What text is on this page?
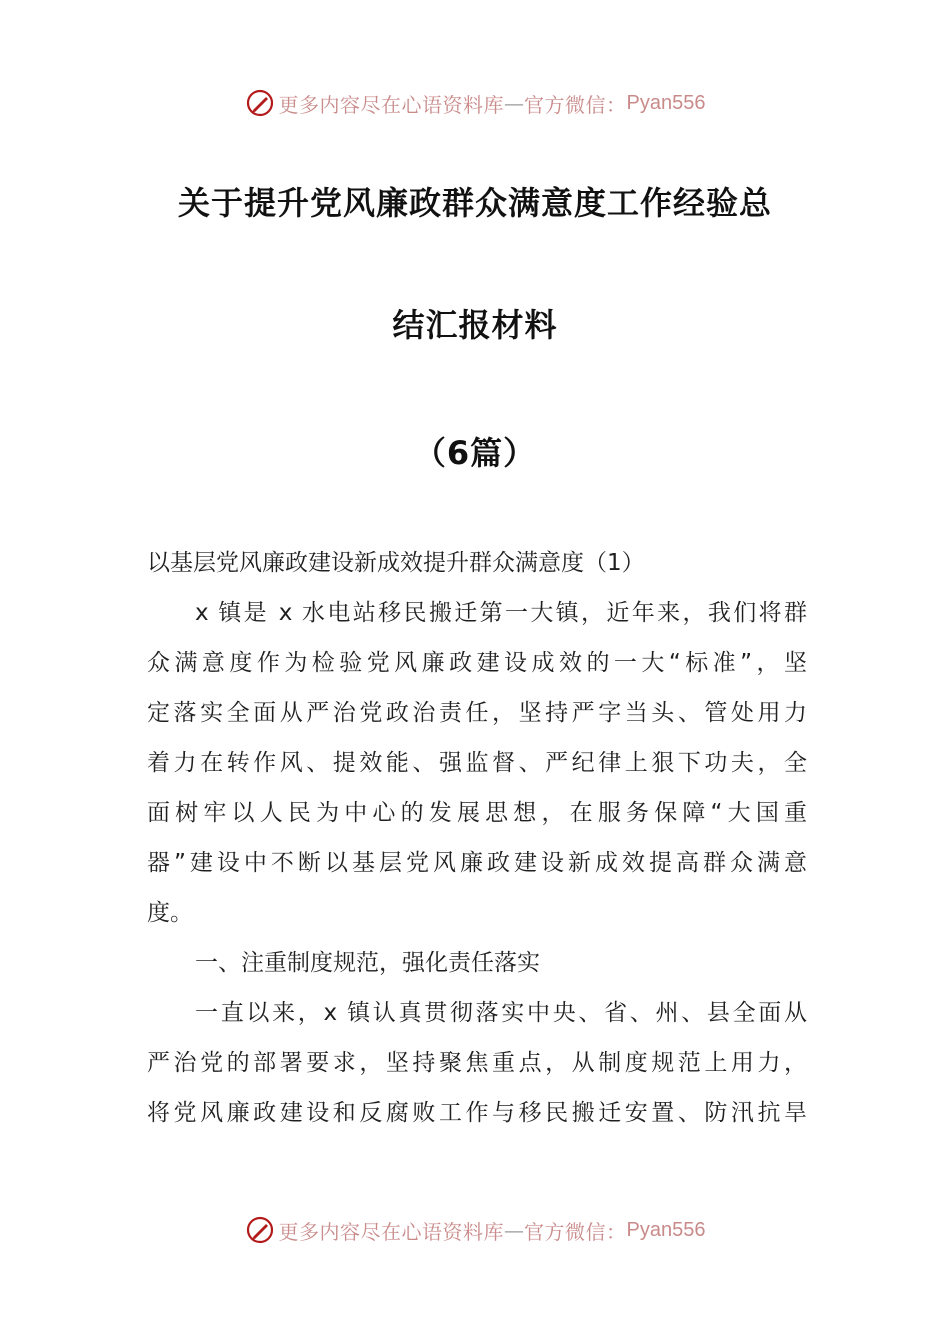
更多内容尽在心语资料库 — 官方微信： Pyan556
关于提升党风廉政群众满意度工作经验总
结汇报材料
（6篇）
以基层党风廉政建设新成效提升群众满意度（1）
x 镇是 x 水电站移民搬迁第一大镇，近年来，我们将群
众满意度作为检验党风廉政建设成效的一大“标准”，坚
定落实全面从严治党政治责任，坚持严字当头、管处用力
着力在转作风、提效能、强监督、严纪律上狠下功夫，全
面树牢以人民为中心的发展思想，在服务保障“大国重
器”建设中不断以基层党风廉政建设新成效提高群众满意
度。
一、注重制度规范，强化责任落实
一直以来，x 镇认真贯彻落实中央、省、州、县全面从
严治党的部署要求，坚持聚焦重点，从制度规范上用力，
将党风廉政建设和反腐败工作与移民搬迁安置、防汛抗旱
更多内容尽在心语资料库 — 官方微信： Pyan556
